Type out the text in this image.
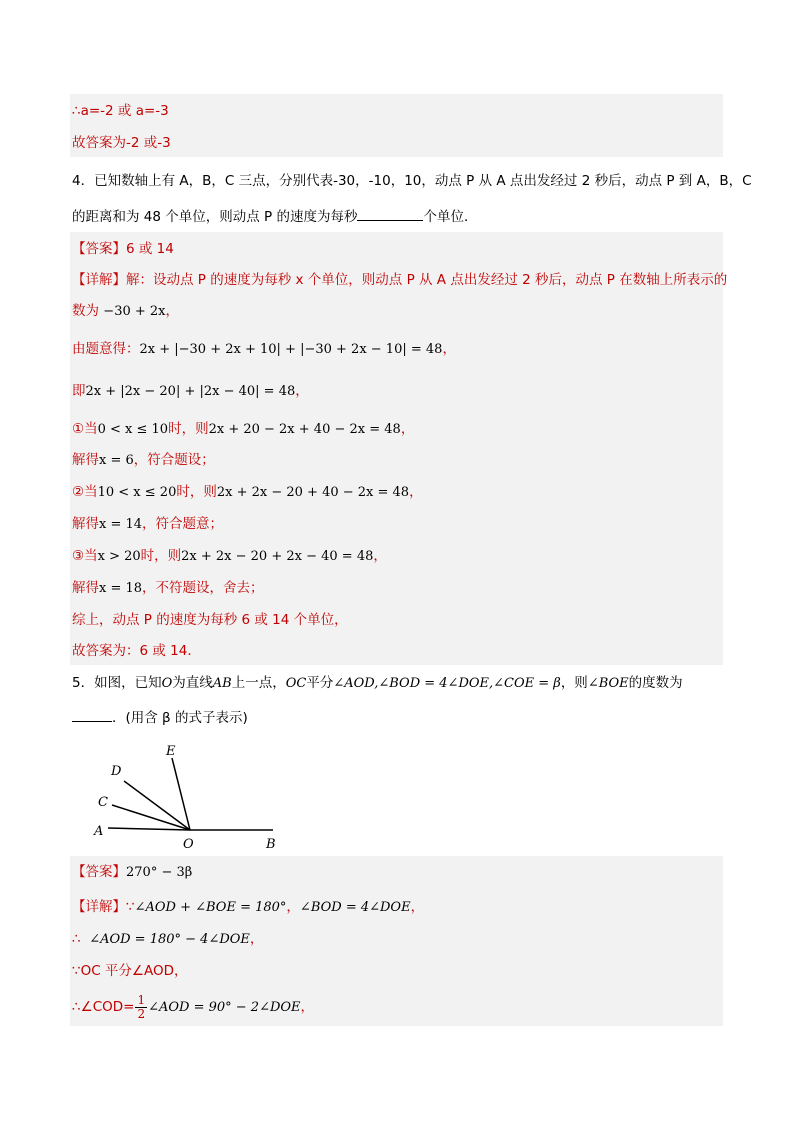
∴a=-2 或 a=-3
故答案为-2 或-3
4．已知数轴上有 A，B，C 三点，分别代表-30，-10，10，动点 P 从 A 点出发经过 2 秒后，动点 P 到 A，B，C
的距离和为 48 个单位，则动点 P 的速度为每秒	个单位．
【答案】6 或 14
【详解】解：设动点 P 的速度为每秒 x 个单位，则动点 P 从 A 点出发经过 2 秒后，动点 P 在数轴上所表示的
数为 −30 + 2x，
由题意得：2x + |−30 + 2x + 10| + |−30 + 2x − 10| = 48，
即2x + |2x − 20| + |2x − 40| = 48，
①当0 < x ≤ 10时，则2x + 20 − 2x + 40 − 2x = 48，
解得x = 6，符合题设；
②当10 < x ≤ 20时，则2x + 2x − 20 + 40 − 2x = 48，
解得x = 14，符合题意；
③当x > 20时，则2x + 2x − 20 + 2x − 40 = 48，
解得x = 18，不符题设，舍去；
综上，动点 P 的速度为每秒 6 或 14 个单位，
故答案为：6 或 14．
5．如图，已知O为直线AB上一点，OC平分∠AOD,∠BOD = 4∠DOE,∠COE = β，则∠BOE的度数为
．(用含 β 的式子表示)
E
D
C
A
O	B
【答案】270° − 3β
【详解】∵∠AOD + ∠BOE = 180°，∠BOD = 4∠DOE，
∴ ∠AOD = 180° − 4∠DOE，
∵OC 平分∠AOD，
∴∠COD= $\frac{1}{2}$ ∠AOD = 90° − 2∠DOE，
